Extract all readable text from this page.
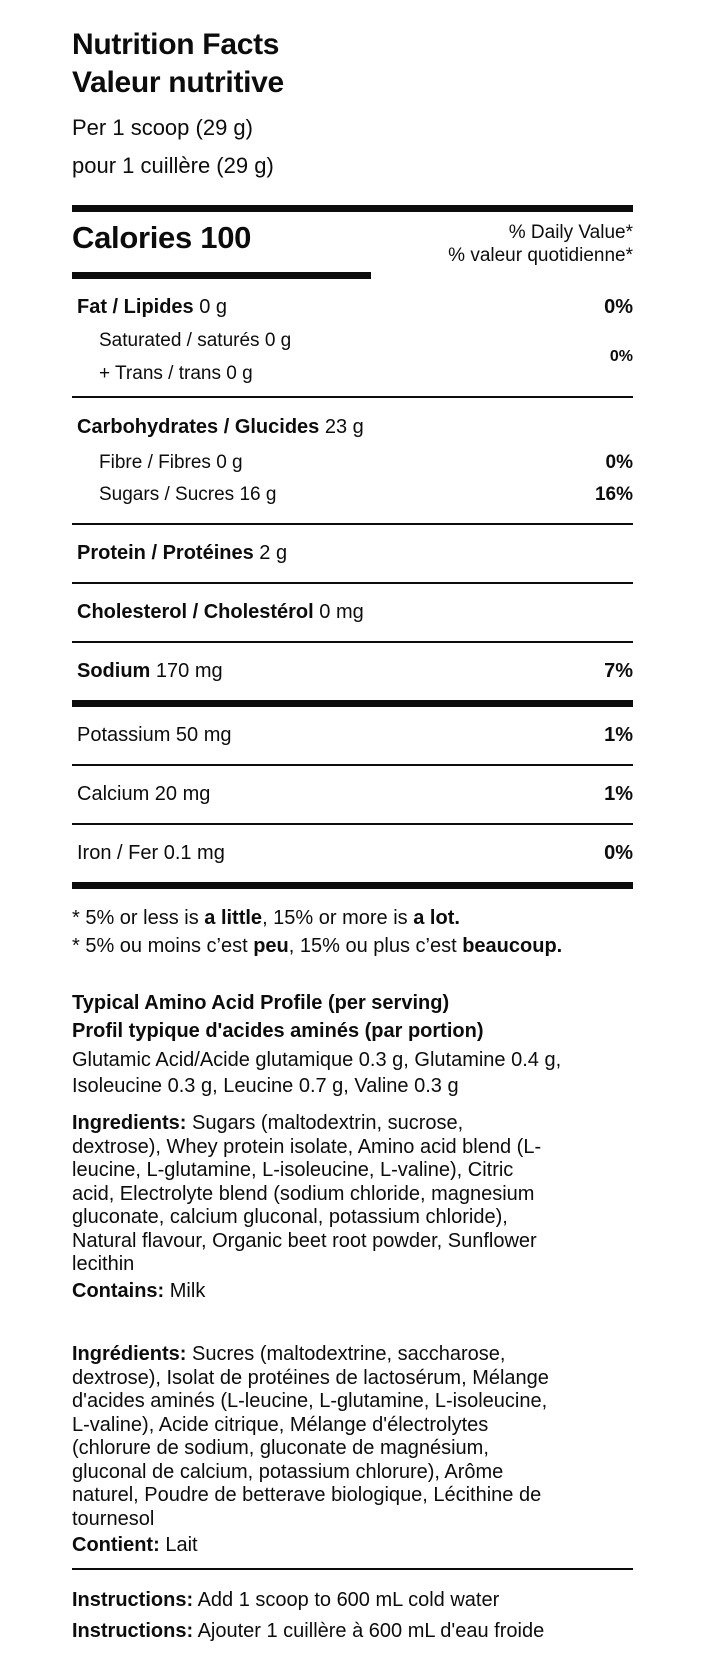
Nutrition Facts
Valeur nutritive
Per 1 scoop (29 g)
pour 1 cuillère (29 g)
Calories 100	% Daily Value*
% valeur quotidienne*
Fat / Lipides 0 g	0%
Saturated / saturés 0 g
+ Trans / trans 0 g
0%
Carbohydrates / Glucides 23 g
Fibre / Fibres 0 g	0%
Sugars / Sucres 16 g	16%
Protein / Protéines 2 g
Cholesterol / Cholestérol 0 mg
Sodium 170 mg	7%
Potassium 50 mg	1%
Calcium 20 mg	1%
Iron / Fer 0.1 mg	0%
* 5% or less is a little, 15% or more is a lot.
* 5% ou moins c’est peu, 15% ou plus c’est beaucoup.
Typical Amino Acid Profile (per serving)
Profil typique d'acides aminés (par portion)
Glutamic Acid/Acide glutamique 0.3 g, Glutamine 0.4 g,
Isoleucine 0.3 g, Leucine 0.7 g, Valine 0.3 g
Ingredients: Sugars (maltodextrin, sucrose,
dextrose), Whey protein isolate, Amino acid blend (L-
leucine, L-glutamine, L-isoleucine, L-valine), Citric
acid, Electrolyte blend (sodium chloride, magnesium
gluconate, calcium gluconal, potassium chloride),
Natural flavour, Organic beet root powder, Sunflower
lecithin
Contains: Milk
Ingrédients: Sucres (maltodextrine, saccharose,
dextrose), Isolat de protéines de lactosérum, Mélange
d'acides aminés (L-leucine, L-glutamine, L-isoleucine,
L-valine), Acide citrique, Mélange d'électrolytes
(chlorure de sodium, gluconate de magnésium,
gluconal de calcium, potassium chlorure), Arôme
naturel, Poudre de betterave biologique, Lécithine de
tournesol
Contient: Lait
Instructions: Add 1 scoop to 600 mL cold water
Instructions: Ajouter 1 cuillère à 600 mL d'eau froide
